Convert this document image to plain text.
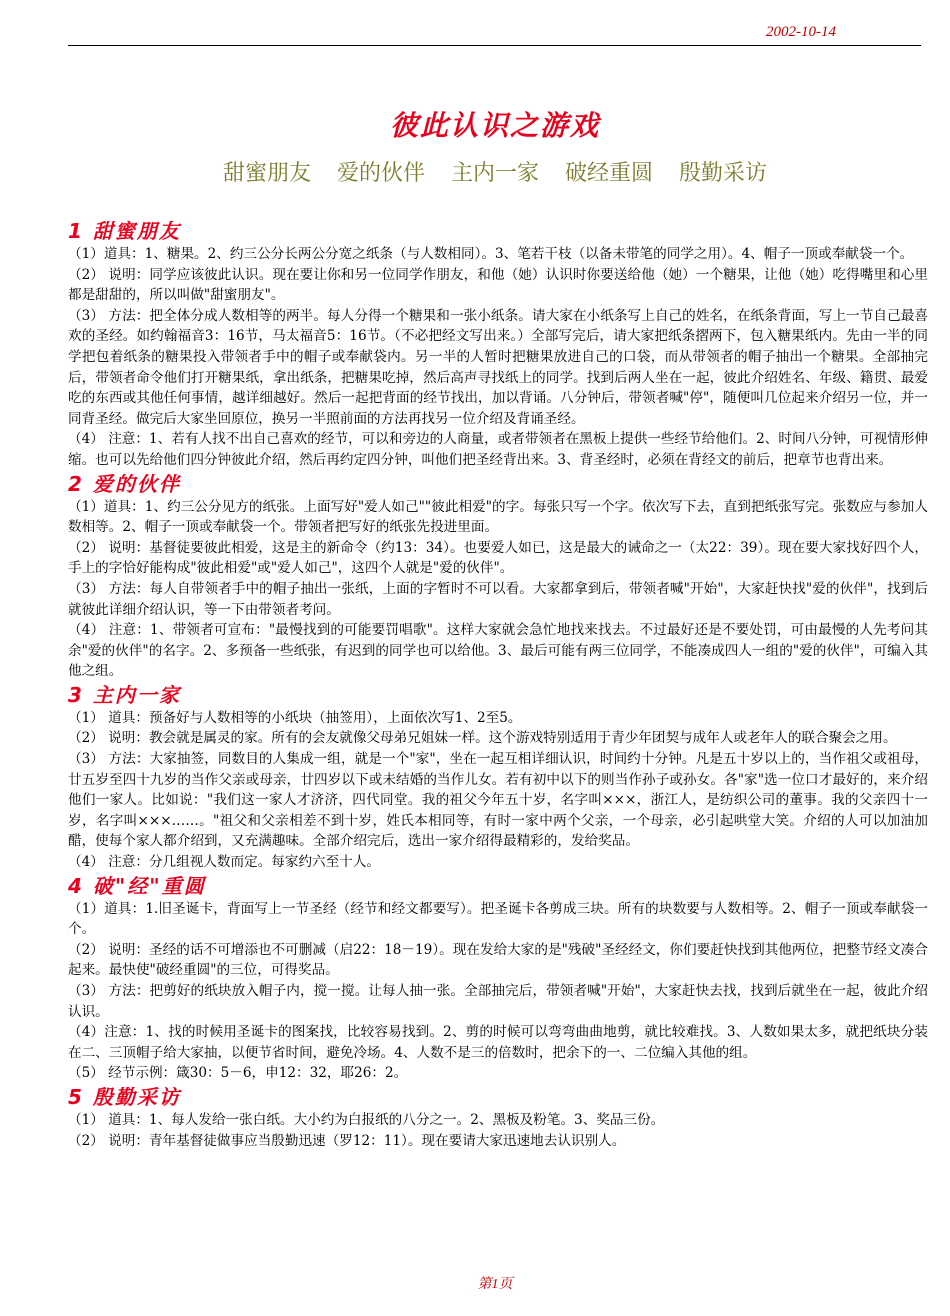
2002-10-14
彼此认识之游戏
甜蜜朋友 爱的伙伴 主内一家 破经重圆 殷勤采访
1 甜蜜朋友

（1）道具：1、糖果。2、约三公分长两公分宽之纸条（与人数相同）。3、笔若干枝（以备未带笔的同学之用）。4、帽子一顶或奉献袋一个。

（2） 说明：同学应该彼此认识。现在要让你和另一位同学作朋友，和他（她）认识时你要送给他（她）一个糖果，让他（她）吃得嘴里和心里都是甜甜的，所以叫做"甜蜜朋友"。

（3） 方法：把全体分成人数相等的两半。每人分得一个糖果和一张小纸条。请大家在小纸条写上自己的姓名，在纸条背面，写上一节自己最喜欢的圣经。如约翰福音3：16节，马太福音5：16节。（不必把经文写出来。）全部写完后，请大家把纸条摺两下，包入糖果纸内。先由一半的同学把包着纸条的糖果投入带领者手中的帽子或奉献袋内。另一半的人暂时把糖果放进自己的口袋，而从带领者的帽子抽出一个糖果。全部抽完后，带领者命令他们打开糖果纸，拿出纸条，把糖果吃掉，然后高声寻找纸上的同学。找到后两人坐在一起，彼此介绍姓名、年级、籍贯、最爱吃的东西或其他任何事情，越详细越好。然后一起把背面的经节找出，加以背诵。八分钟后，带领者喊"停"，随便叫几位起来介绍另一位，并一同背圣经。做完后大家坐回原位，换另一半照前面的方法再找另一位介绍及背诵圣经。

（4） 注意：1、若有人找不出自己喜欢的经节，可以和旁边的人商量，或者带领者在黑板上提供一些经节给他们。2、时间八分钟，可视情形伸缩。也可以先给他们四分钟彼此介绍，然后再约定四分钟，叫他们把圣经背出来。3、背圣经时，必须在背经文的前后，把章节也背出来。

2 爱的伙伴

（1）道具：1、约三公分见方的纸张。上面写好"爱人如己""彼此相爱"的字。每张只写一个字。依次写下去，直到把纸张写完。张数应与参加人数相等。2、帽子一顶或奉献袋一个。带领者把写好的纸张先投进里面。

（2） 说明：基督徒要彼此相爱，这是主的新命令（约13：34）。也要爱人如已，这是最大的诫命之一（太22：39）。现在要大家找好四个人，手上的字恰好能构成"彼此相爱"或"爱人如己"，这四个人就是"爱的伙伴"。

（3） 方法：每人自带领者手中的帽子抽出一张纸，上面的字暂时不可以看。大家都拿到后，带领者喊"开始"，大家赶快找"爱的伙伴"，找到后就彼此详细介绍认识，等一下由带领者考问。

（4） 注意：1、带领者可宣布："最慢找到的可能要罚唱歌"。这样大家就会急忙地找来找去。不过最好还是不要处罚，可由最慢的人先考问其余"爱的伙伴"的名字。2、多预备一些纸张，有迟到的同学也可以给他。3、最后可能有两三位同学，不能凑成四人一组的"爱的伙伴"，可编入其他之组。

3 主内一家

（1） 道具：预备好与人数相等的小纸块（抽签用），上面依次写1、2至5。

（2） 说明：教会就是属灵的家。所有的会友就像父母弟兄姐妹一样。这个游戏特别适用于青少年团契与成年人或老年人的联合聚会之用。

（3） 方法：大家抽签，同数目的人集成一组，就是一个"家"，坐在一起互相详细认识，时间约十分钟。凡是五十岁以上的，当作祖父或祖母，廿五岁至四十九岁的当作父亲或母亲，廿四岁以下或未结婚的当作儿女。若有初中以下的则当作孙子或孙女。各"家"选一位口才最好的，来介绍他们一家人。比如说："我们这一家人才济济，四代同堂。我的祖父今年五十岁，名字叫×××，浙江人，是纺织公司的董事。我的父亲四十一岁，名字叫×××……。"祖父和父亲相差不到十岁，姓氏本相同等，有时一家中两个父亲，一个母亲，必引起哄堂大笑。介绍的人可以加油加醋，使每个家人都介绍到，又充满趣味。全部介绍完后，选出一家介绍得最精彩的，发给奖品。

（4） 注意：分几组视人数而定。每家约六至十人。

4 破"经"重圆

（1）道具：1.旧圣诞卡，背面写上一节圣经（经节和经文都要写）。把圣诞卡各剪成三块。所有的块数要与人数相等。2、帽子一顶或奉献袋一个。

（2） 说明：圣经的话不可增添也不可删减（启22：18－19）。现在发给大家的是"残破"圣经经文，你们要赶快找到其他两位，把整节经文凑合起来。最快使"破经重圆"的三位，可得奖品。

（3） 方法：把剪好的纸块放入帽子内，搅一搅。让每人抽一张。全部抽完后，带领者喊"开始"，大家赶快去找，找到后就坐在一起，彼此介绍认识。

（4）注意：1、找的时候用圣诞卡的图案找，比较容易找到。2、剪的时候可以弯弯曲曲地剪，就比较难找。3、人数如果太多，就把纸块分装在二、三顶帽子给大家抽，以便节省时间，避免冷场。4、人数不是三的倍数时，把余下的一、二位编入其他的组。

（5） 经节示例：箴30：5－6，申12：32，耶26：2。

5 殷勤采访

（1） 道具：1、每人发给一张白纸。大小约为白报纸的八分之一。2、黑板及粉笔。3、奖品三份。

（2） 说明：青年基督徒做事应当殷勤迅速（罗12：11）。现在要请大家迅速地去认识别人。

第1页
